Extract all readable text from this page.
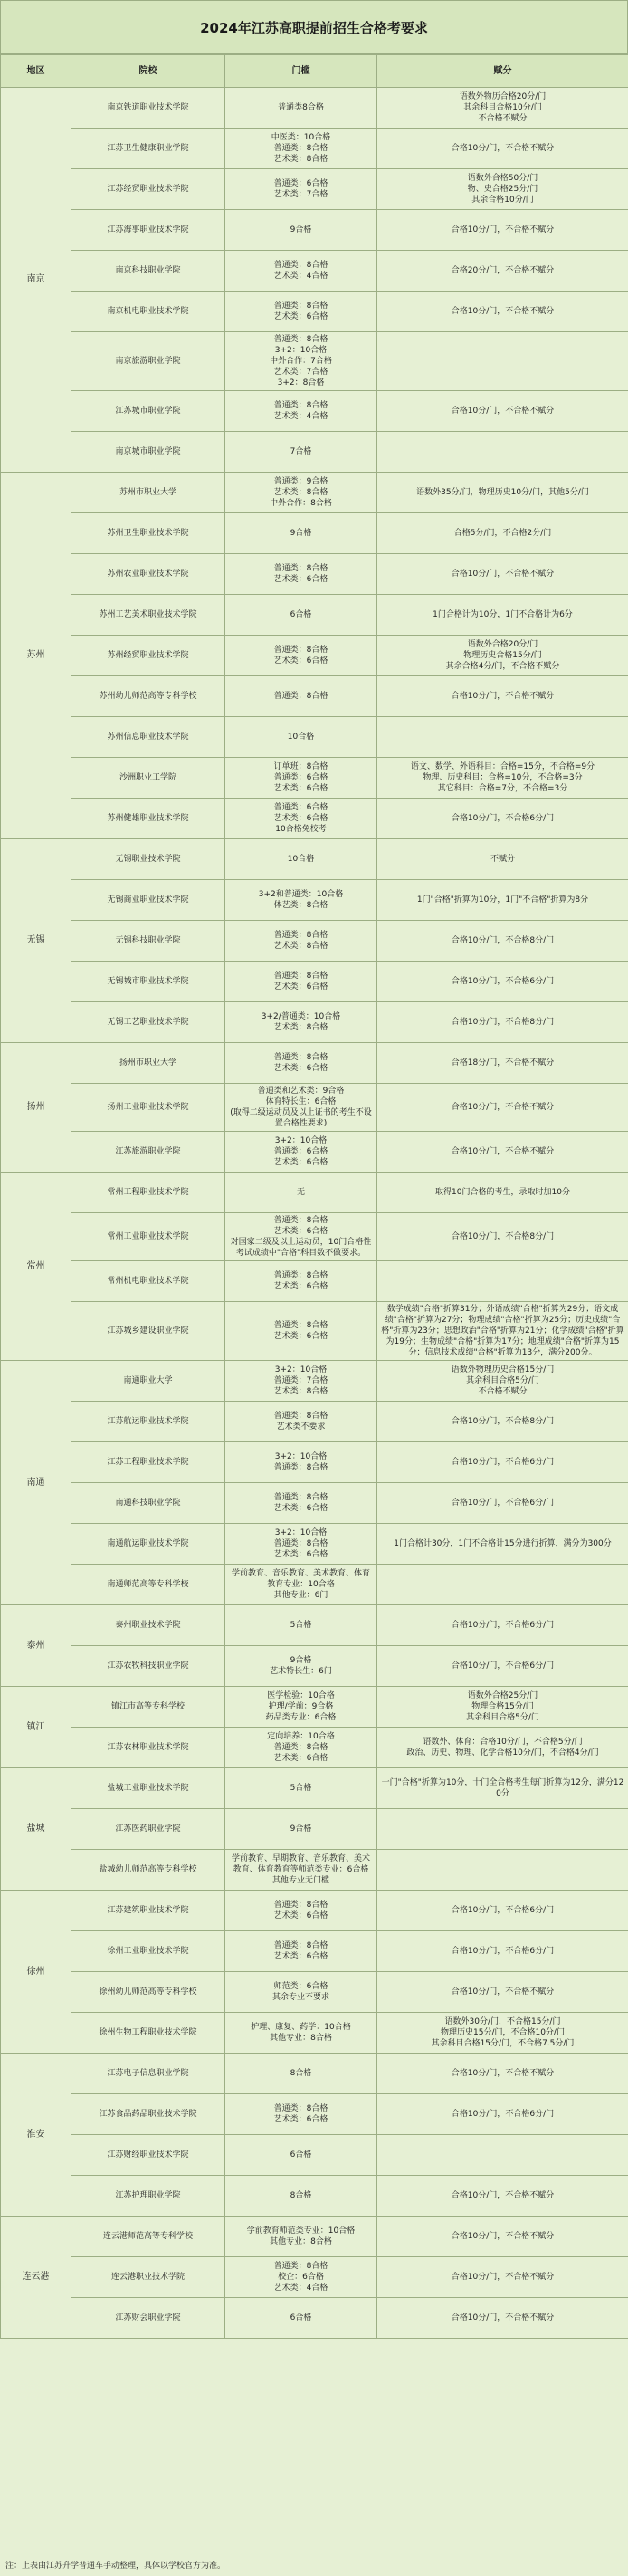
2024年江苏高职提前招生合格考要求
地区	院校	门槛	赋分
南京	南京铁道职业技术学院	普通类8合格	语数外物历合格20分/门
其余科目合格10分/门
不合格不赋分
	江苏卫生健康职业学院	中医类：10合格
普通类：8合格
艺术类：8合格	合格10分/门，不合格不赋分
	江苏经贸职业技术学院	普通类：6合格
艺术类：7合格	语数外合格50分/门
物、史合格25分/门
其余合格10分/门
	江苏海事职业技术学院	9合格	合格10分/门，不合格不赋分
	南京科技职业学院	普通类：8合格
艺术类：4合格	合格20分/门，不合格不赋分
	南京机电职业技术学院	普通类：8合格
艺术类：6合格	合格10分/门，不合格不赋分
	南京旅游职业学院	普通类：8合格
3+2：10合格
中外合作：7合格
艺术类：7合格
3+2：8合格	
	江苏城市职业学院	普通类：8合格
艺术类：4合格	合格10分/门，不合格不赋分
	南京城市职业学院	7合格	
苏州	苏州市职业大学	普通类：9合格
艺术类：8合格
中外合作：8合格	语数外35分/门，物理历史10分/门，其他5分/门
	苏州卫生职业技术学院	9合格	合格5分/门，不合格2分/门
	苏州农业职业技术学院	普通类：8合格
艺术类：6合格	合格10分/门，不合格不赋分
	苏州工艺美术职业技术学院	6合格	1门合格计为10分，1门不合格计为6分
	苏州经贸职业技术学院	普通类：8合格
艺术类：6合格	语数外合格20分/门
物理历史合格15分/门
其余合格4分/门，不合格不赋分
	苏州幼儿师范高等专科学校	普通类：8合格	合格10分/门，不合格不赋分
	苏州信息职业技术学院	10合格	
	沙洲职业工学院	订单班：8合格
普通类：6合格
艺术类：6合格	语文、数学、外语科目：合格=15分，不合格=9分
物理、历史科目：合格=10分，不合格=3分
其它科目：合格=7分，不合格=3分
	苏州健雄职业技术学院	普通类：6合格
艺术类：6合格
10合格免校考	合格10分/门，不合格6分/门
无锡	无锡职业技术学院	10合格	不赋分
	无锡商业职业技术学院	3+2和普通类：10合格
体艺类：8合格	1门"合格"折算为10分，1门"不合格"折算为8分
	无锡科技职业学院	普通类：8合格
艺术类：8合格	合格10分/门，不合格8分/门
	无锡城市职业技术学院	普通类：8合格
艺术类：6合格	合格10分/门，不合格6分/门
	无锡工艺职业技术学院	3+2/普通类：10合格
艺术类：8合格	合格10分/门，不合格8分/门
扬州	扬州市职业大学	普通类：8合格
艺术类：6合格	合格18分/门，不合格不赋分
	扬州工业职业技术学院	普通类和艺术类：9合格
体育特长生：6合格
(取得二级运动员及以上证书的考生不设置合格性要求)	合格10分/门，不合格不赋分
	江苏旅游职业学院	3+2：10合格
普通类：6合格
艺术类：6合格	合格10分/门，不合格不赋分
常州	常州工程职业技术学院	无	取得10门合格的考生，录取时加10分
	常州工业职业技术学院	普通类：8合格
艺术类：6合格
对国家二级及以上运动员，10门合格性考试成绩中"合格"科目数不做要求。	合格10分/门，不合格8分/门
	常州机电职业技术学院	普通类：8合格
艺术类：6合格	
	江苏城乡建设职业学院	普通类：8合格
艺术类：6合格	数学成绩"合格"折算31分；外语成绩"合格"折算为29分；语文成绩"合格"折算为27分；物理成绩"合格"折算为25分；历史成绩"合格"折算为23分；思想政治"合格"折算为21分；化学成绩"合格"折算为19分；生物成绩"合格"折算为17分；地理成绩"合格"折算为15分；信息技术成绩"合格"折算为13分，满分200分。
南通	南通职业大学	3+2：10合格
普通类：7合格
艺术类：8合格	语数外物理历史合格15分/门
其余科目合格5分/门
不合格不赋分
	江苏航运职业技术学院	普通类：8合格
艺术类不要求	合格10分/门，不合格8分/门
	江苏工程职业技术学院	3+2：10合格
普通类：8合格	合格10分/门，不合格6分/门
	南通科技职业学院	普通类：8合格
艺术类：6合格	合格10分/门，不合格6分/门
	南通航运职业技术学院	3+2：10合格
普通类：8合格
艺术类：6合格	1门合格计30分，1门不合格计15分进行折算，满分为300分
	南通师范高等专科学校	学前教育、音乐教育、美术教育、体育教育专业：10合格
其他专业：6门	
泰州	泰州职业技术学院	5合格	合格10分/门，不合格6分/门
	江苏农牧科技职业学院	9合格
艺术特长生：6门	合格10分/门，不合格6分/门
镇江	镇江市高等专科学校	医学检验：10合格
护理/学前：9合格
药品类专业：6合格	语数外合格25分/门
物理合格15分/门
其余科目合格5分/门
	江苏农林职业技术学院	定向培养：10合格
普通类：8合格
艺术类：6合格	语数外、体育：合格10分/门，不合格5分/门
政治、历史、物理、化学合格10分/门，不合格4分/门
盐城	盐城工业职业技术学院	5合格	一门"合格"折算为10分，十门全合格考生每门折算为12分，满分120分
	江苏医药职业学院	9合格	
	盐城幼儿师范高等专科学校	学前教育、早期教育、音乐教育、美术教育、体育教育等师范类专业：6合格
其他专业无门槛	
徐州	江苏建筑职业技术学院	普通类：8合格
艺术类：6合格	合格10分/门，不合格6分/门
	徐州工业职业技术学院	普通类：8合格
艺术类：6合格	合格10分/门，不合格6分/门
	徐州幼儿师范高等专科学校	师范类：6合格
其余专业不要求	合格10分/门，不合格不赋分
	徐州生物工程职业技术学院	护理、康复、药学：10合格
其他专业：8合格	语数外30分/门，不合格15分/门
物理历史15分/门，不合格10分/门
其余科目合格15分/门，不合格7.5分/门
淮安	江苏电子信息职业学院	8合格	合格10分/门，不合格不赋分
	江苏食品药品职业技术学院	普通类：8合格
艺术类：6合格	合格10分/门，不合格6分/门
	江苏财经职业技术学院	6合格	
	江苏护理职业学院	8合格	合格10分/门，不合格不赋分
连云港	连云港师范高等专科学校	学前教育师范类专业：10合格
其他专业：8合格	合格10分/门，不合格不赋分
	连云港职业技术学院	普通类：8合格
校企：6合格
艺术类：4合格	合格10分/门，不合格不赋分
	江苏财会职业学院	6合格	合格10分/门，不合格不赋分
注：上表由江苏升学普通车手动整理，具体以学校官方为准。
